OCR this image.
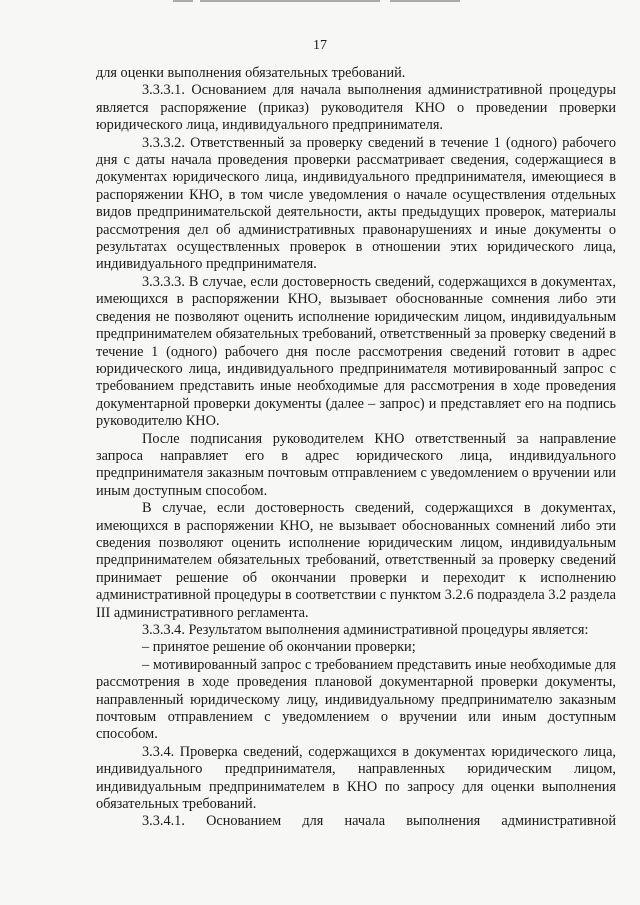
17

для оценки выполнения обязательных требований.

3.3.3.1. Основанием для начала выполнения административной процедуры является распоряжение (приказ) руководителя КНО о проведении проверки юридического лица, индивидуального предпринимателя.

3.3.3.2. Ответственный за проверку сведений в течение 1 (одного) рабочего дня с даты начала проведения проверки рассматривает сведения, содержащиеся в документах юридического лица, индивидуального предпринимателя, имеющиеся в распоряжении КНО, в том числе уведомления о начале осуществления отдельных видов предпринимательской деятельности, акты предыдущих проверок, материалы рассмотрения дел об административных правонарушениях и иные документы о результатах осуществленных проверок в отношении этих юридического лица, индивидуального предпринимателя.

3.3.3.3. В случае, если достоверность сведений, содержащихся в документах, имеющихся в распоряжении КНО, вызывает обоснованные сомнения либо эти сведения не позволяют оценить исполнение юридическим лицом, индивидуальным предпринимателем обязательных требований, ответственный за проверку сведений в течение 1 (одного) рабочего дня после рассмотрения сведений готовит в адрес юридического лица, индивидуального предпринимателя мотивированный запрос с требованием представить иные необходимые для рассмотрения в ходе проведения документарной проверки документы (далее – запрос) и представляет его на подпись руководителю КНО.

После подписания руководителем КНО ответственный за направление запроса направляет его в адрес юридического лица, индивидуального предпринимателя заказным почтовым отправлением с уведомлением о вручении или иным доступным способом.

В случае, если достоверность сведений, содержащихся в документах, имеющихся в распоряжении КНО, не вызывает обоснованных сомнений либо эти сведения позволяют оценить исполнение юридическим лицом, индивидуальным предпринимателем обязательных требований, ответственный за проверку сведений принимает решение об окончании проверки и переходит к исполнению административной процедуры в соответствии с пунктом 3.2.6 подраздела 3.2 раздела III административного регламента.

3.3.3.4. Результатом выполнения административной процедуры является:

– принятое решение об окончании проверки;

– мотивированный запрос с требованием представить иные необходимые для рассмотрения в ходе проведения плановой документарной проверки документы, направленный юридическому лицу, индивидуальному предпринимателю заказным почтовым отправлением с уведомлением о вручении или иным доступным способом.

3.3.4. Проверка сведений, содержащихся в документах юридического лица, индивидуального предпринимателя, направленных юридическим лицом, индивидуальным предпринимателем в КНО по запросу для оценки выполнения обязательных требований.

3.3.4.1. Основанием для начала выполнения административной
